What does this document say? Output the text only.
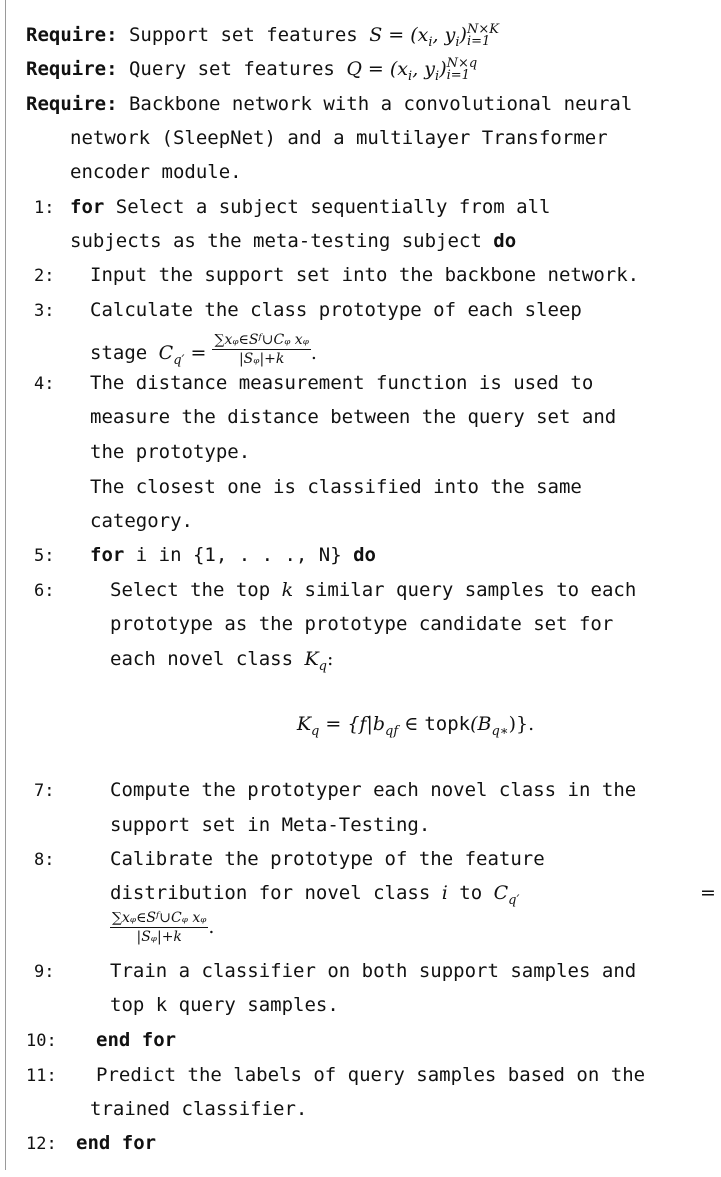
Require: Support set features $S = (x_i$, $y_i$) N×K
i=1
Require: Query set features $Q = (x_i$, $y_i$) N×q
i=1
Require: Backbone network with a convolutional neural
network (SleepNet) and a multilayer Transformer
encoder module.
1: for Select a subject sequentially from all
subjects as the meta-testing subject do
2: Input the support set into the backbone network.
3: Calculate the class prototype of each sleep
stage $C_{q'} = \frac{\text{∑xᵩ∈Sᶠ∪Cᵩ xᵩ}}{\text{|Sᵩ|+k}}$ .
4: The distance measurement function is used to
measure the distance between the query set and
the prototype.
The closest one is classified into the same
category.
5: for i in {1, . . ., N} do
6:	Select the top k similar query samples to each
prototype as the prototype candidate set for
each novel class $K_q$:
$K_q = \{f|b_{qf}$ ∈ $topk(B_{q∗})$}.
7:	Compute the prototyper each novel class in the
support set in Meta-Testing.
8:	Calibrate the prototype of the feature
distribution for novel class i to $C_{q'}$	=
$\frac{\text{∑xᵩ∈Sᶠ∪Cᵩ xᵩ}}{\text{|Sᵩ|+k}}$ .
9:	Train a classifier on both support samples and
top k query samples.
10: end for
11: Predict the labels of query samples based on the
trained classifier.
12: end for
